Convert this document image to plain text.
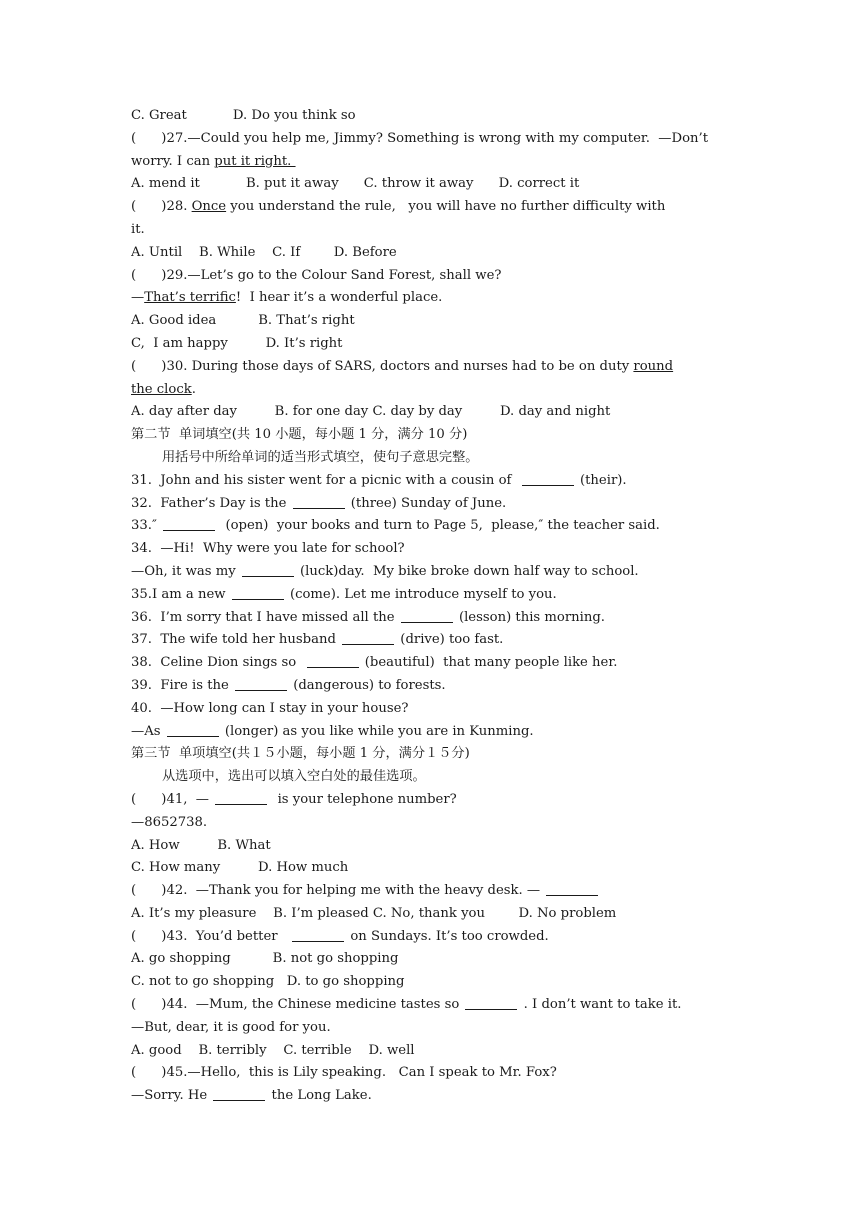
C. Great           D. Do you think so
(      )27.—Could you help me, Jimmy? Something is wrong with my computer.  —Don’t
worry. I can put it right.
A. mend it           B. put it away      C. throw it away      D. correct it
(      )28. Once you understand the rule,   you will have no further difficulty with
it.
A. Until    B. While    C. If        D. Before
(      )29.—Let’s go to the Colour Sand Forest, shall we?
—That’s terrific!  I hear it’s a wonderful place.
A. Good idea          B. That’s right
C,  I am happy         D. It’s right
(      )30. During those days of SARS, doctors and nurses had to be on duty round
the clock.
A. day after day         B. for one day C. day by day         D. day and night
第二节  单词填空(共 10 小题，每小题 1 分，满分 10 分)
用括号中所给单词的适当形式填空，使句子意思完整。
31.  John and his sister went for a picnic with a cousin of	(their).
32.  Father’s Day is the	(three) Sunday of June.
33.″	(open)  your books and turn to Page 5,  please,″ the teacher said.
34.  —Hi!  Why were you late for school?
—Oh, it was my	(luck)day.  My bike broke down half way to school.
35.I am a new	(come). Let me introduce myself to you.
36.  I’m sorry that I have missed all the	(lesson) this morning.
37.  The wife told her husband	(drive) too fast.
38.  Celine Dion sings so	(beautiful)  that many people like her.
39.  Fire is the	(dangerous) to forests.
40.  —How long can I stay in your house?
—As	(longer) as you like while you are in Kunming.
第三节  单项填空(共１５小题，每小题 1 分，满分１５分)
从选项中，选出可以填入空白处的最佳选项。
(      )41,  —	is your telephone number?
—8652738.
A. How         B. What
C. How many         D. How much
(      )42.  —Thank you for helping me with the heavy desk. —
A. It’s my pleasure    B. I’m pleased C. No, thank you        D. No problem
(      )43.  You’d better	on Sundays. It’s too crowded.
A. go shopping          B. not go shopping
C. not to go shopping   D. to go shopping
(      )44.  —Mum, the Chinese medicine tastes so	. I don’t want to take it.
—But, dear, it is good for you.
A. good    B. terribly    C. terrible    D. well
(      )45.—Hello,  this is Lily speaking.   Can I speak to Mr. Fox?
—Sorry. He	the Long Lake.
